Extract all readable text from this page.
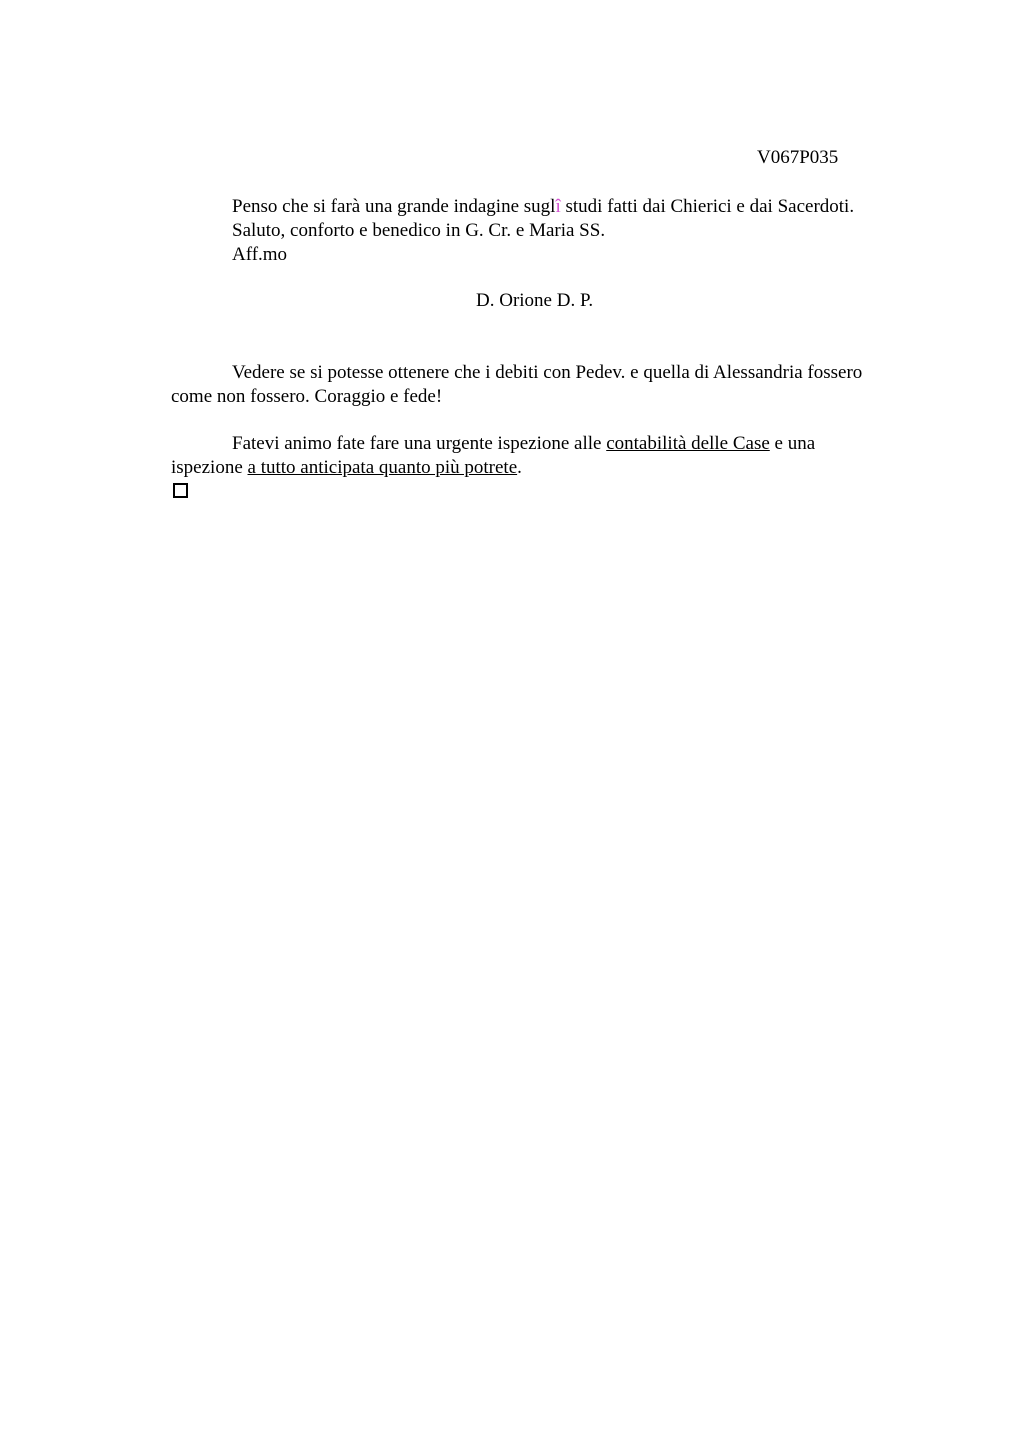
V067P035
Penso che si farà una grande indagine suglî studi fatti dai Chierici e dai Sacerdoti.
Saluto, conforto e benedico in G. Cr. e Maria SS.
Aff.mo
D. Orione D. P.
Vedere se si potesse ottenere che i debiti con Pedev. e quella di Alessandria fossero
come non fossero. Coraggio e fede!
Fatevi animo fate fare una urgente ispezione alle contabilità delle Case e una
ispezione a tutto anticipata quanto più potrete.
